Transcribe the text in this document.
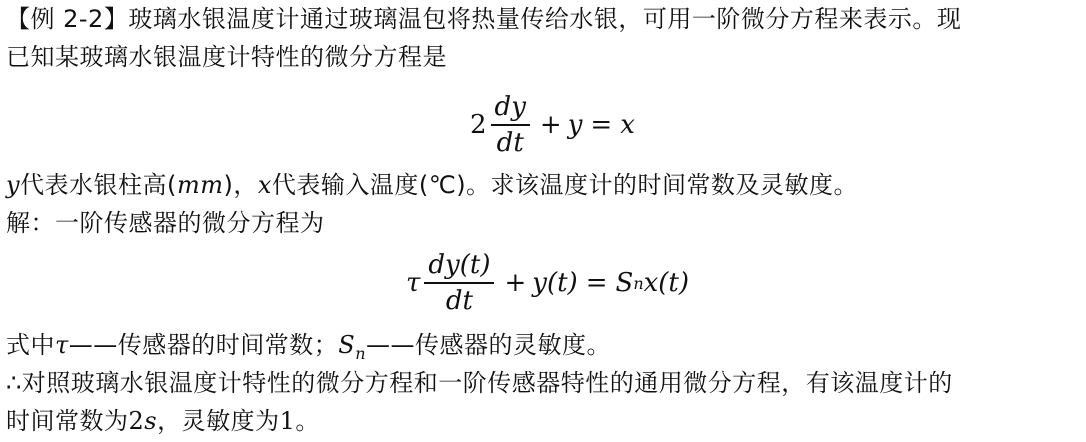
【例 2-2】玻璃水银温度计通过玻璃温包将热量传给水银，可用一阶微分方程来表示。现
已知某玻璃水银温度计特性的微分方程是
$2 \frac{dy}{dt} + y = x$
y代表水银柱高(mm)，x代表输入温度(℃)。求该温度计的时间常数及灵敏度。
解：一阶传感器的微分方程为
τ $\frac{dy(t)}{dt} + y(t) = S$ n x(t)
式中τ——传感器的时间常数；$S_n——$传感器的灵敏度。
∴对照玻璃水银温度计特性的微分方程和一阶传感器特性的通用微分方程，有该温度计的
时间常数为2s，灵敏度为1。
